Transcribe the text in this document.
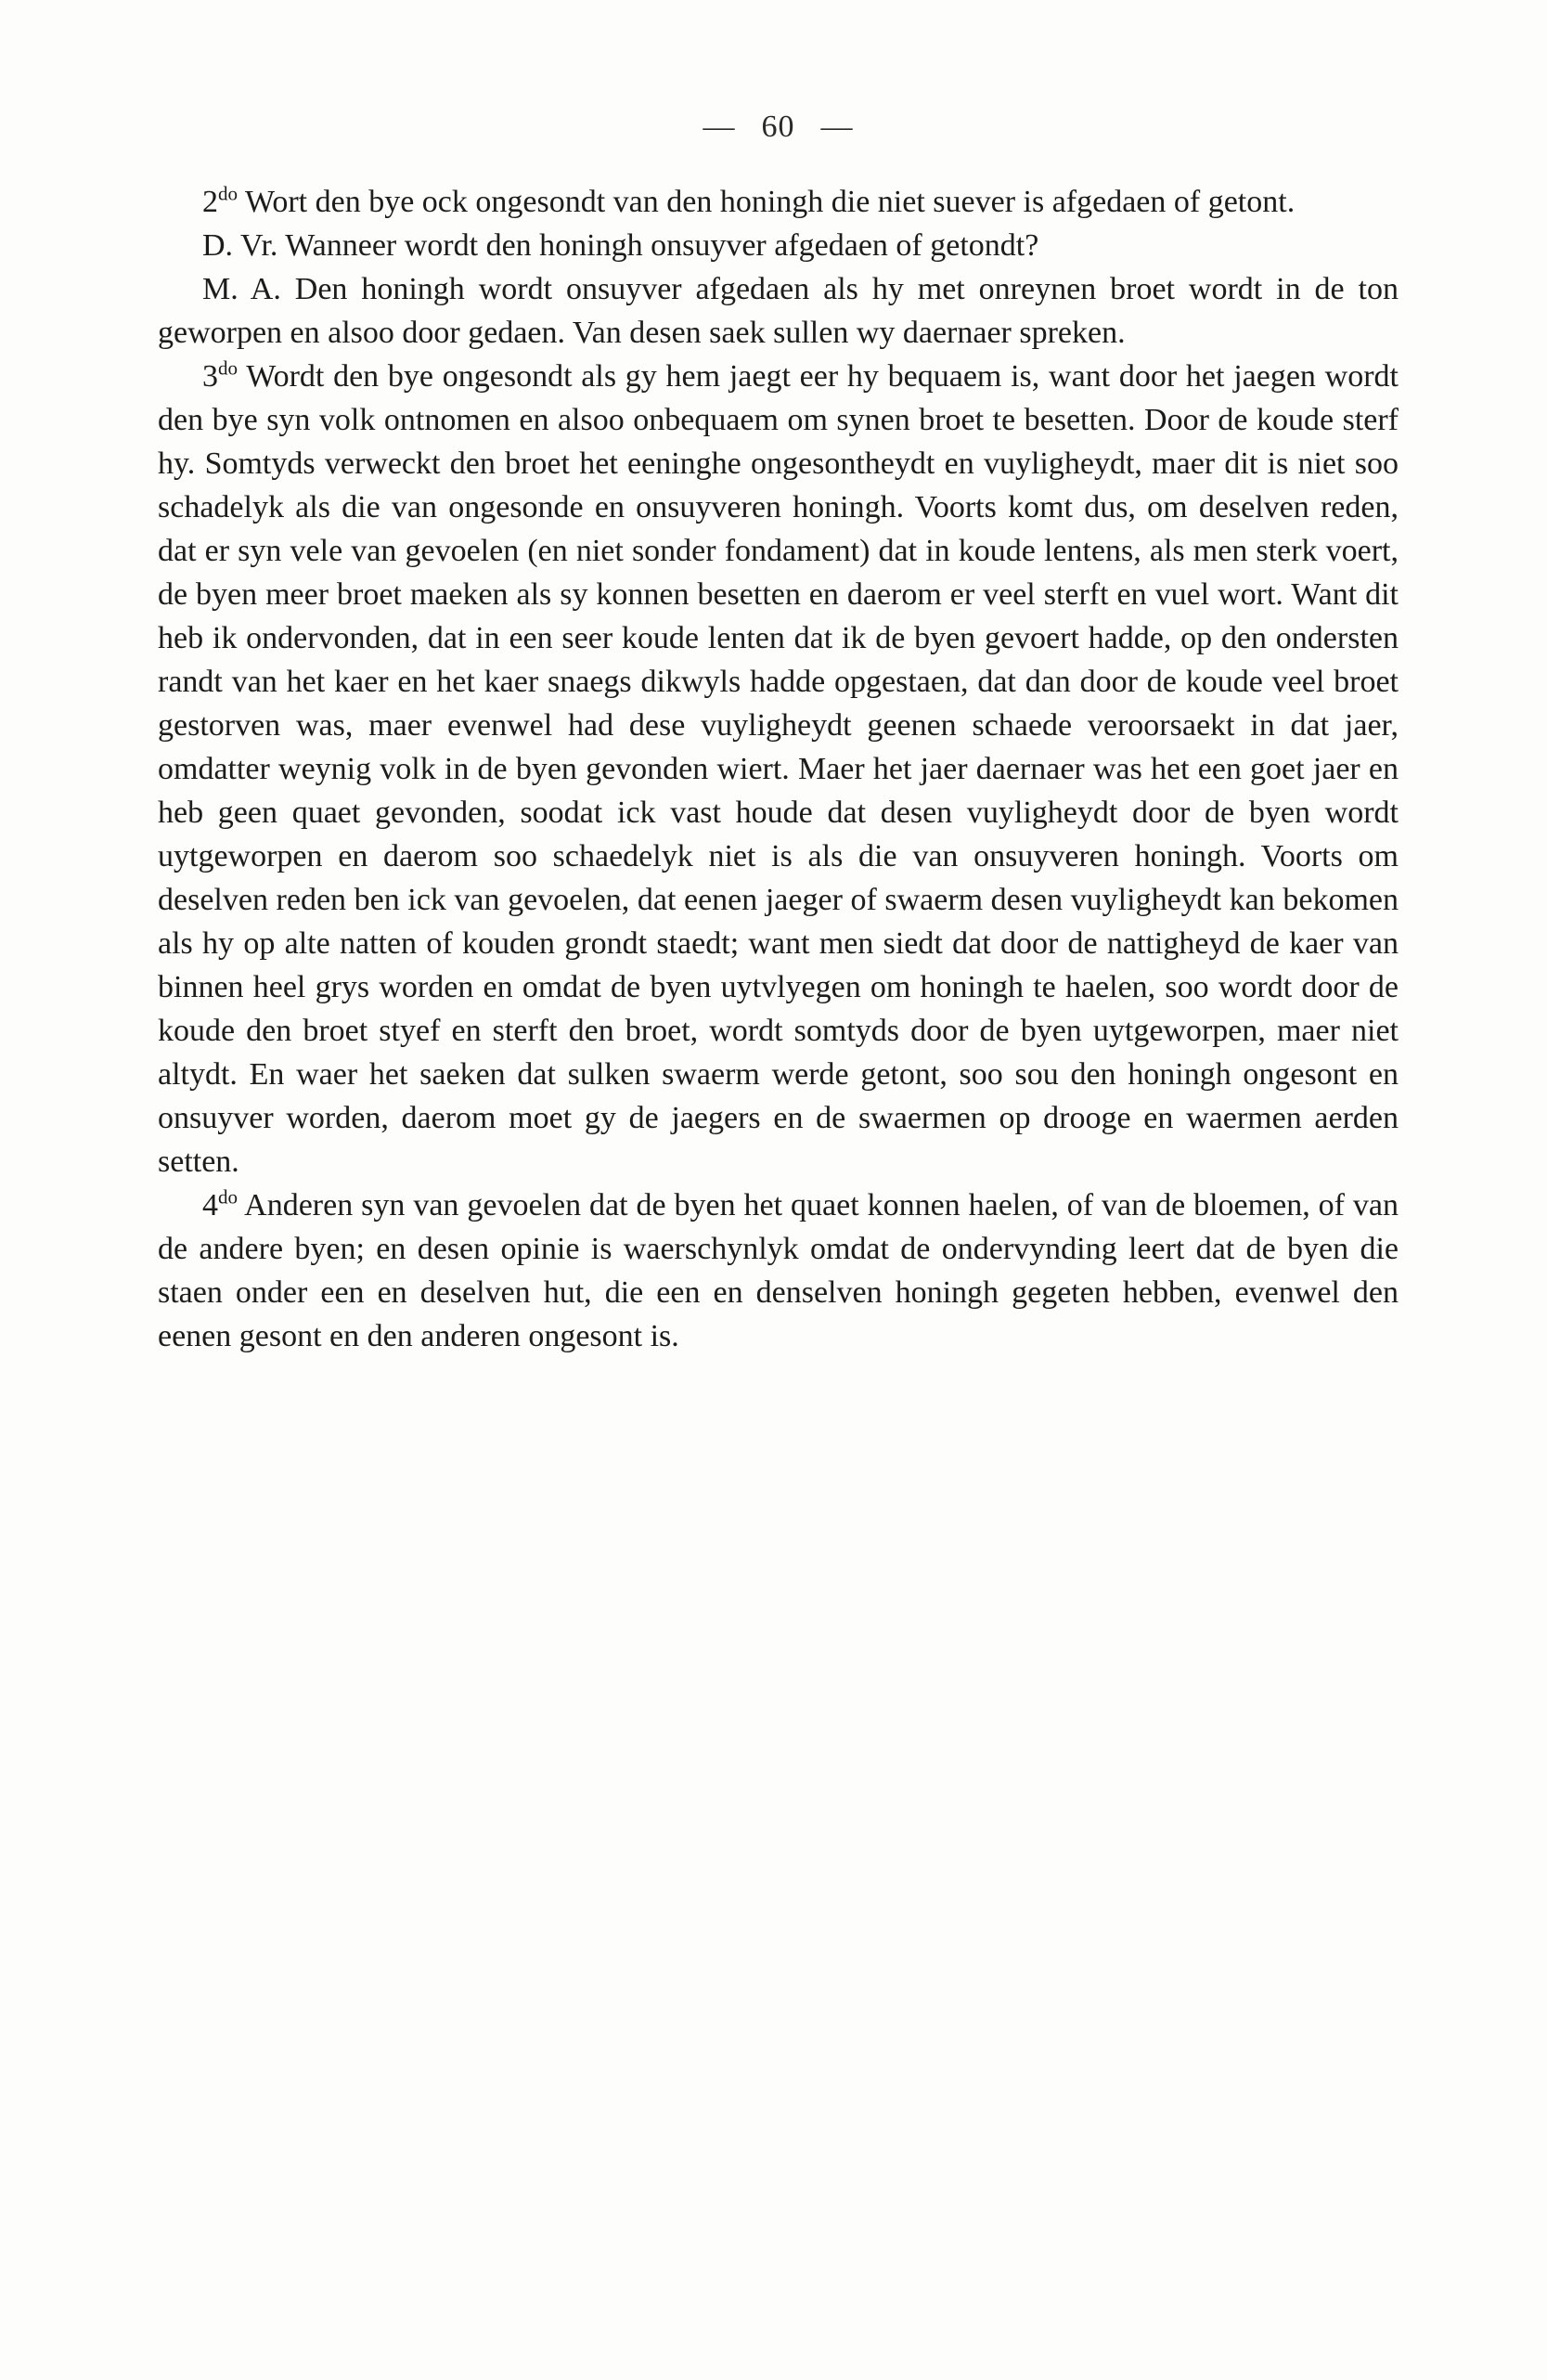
— 60 —

$2^{do}$ Wort den bye ock ongesondt van den honingh die niet suever is afgedaen of getont.

D. Vr. Wanneer wordt den honingh onsuyver afgedaen of getondt?

M. A. Den honingh wordt onsuyver afgedaen als hy met onreynen broet wordt in de ton geworpen en alsoo door gedaen. Van desen saek sullen wy daernaer spreken.

$3^{do}$ Wordt den bye ongesondt als gy hem jaegt eer hy bequaem is, want door het jaegen wordt den bye syn volk ontnomen en alsoo onbequaem om synen broet te besetten. Door de koude sterf hy. Somtyds verweckt den broet het eeninghe ongesontheydt en vuyligheydt, maer dit is niet soo schadelyk als die van ongesonde en onsuyveren honingh. Voorts komt dus, om deselven reden, dat er syn vele van gevoelen (en niet sonder fondament) dat in koude lentens, als men sterk voert, de byen meer broet maeken als sy konnen besetten en daerom er veel sterft en vuel wort. Want dit heb ik ondervonden, dat in een seer koude lenten dat ik de byen gevoert hadde, op den ondersten randt van het kaer en het kaer snaegs dikwyls hadde opgestaen, dat dan door de koude veel broet gestorven was, maer evenwel had dese vuyligheydt geenen schaede veroorsaekt in dat jaer, omdatter weynig volk in de byen gevonden wiert. Maer het jaer daernaer was het een goet jaer en heb geen quaet gevonden, soodat ick vast houde dat desen vuyligheydt door de byen wordt uytgeworpen en daerom soo schaedelyk niet is als die van onsuyveren honingh. Voorts om deselven reden ben ick van gevoelen, dat eenen jaeger of swaerm desen vuyligheydt kan bekomen als hy op alte natten of kouden grondt staedt; want men siedt dat door de nattigheyd de kaer van binnen heel grys worden en omdat de byen uytvlyegen om honingh te haelen, soo wordt door de koude den broet styef en sterft den broet, wordt somtyds door de byen uytgeworpen, maer niet altydt. En waer het saeken dat sulken swaerm werde getont, soo sou den honingh ongesont en onsuyver worden, daerom moet gy de jaegers en de swaermen op drooge en waermen aerden setten.

$4^{do}$ Anderen syn van gevoelen dat de byen het quaet konnen haelen, of van de bloemen, of van de andere byen; en desen opinie is waerschynlyk omdat de ondervynding leert dat de byen die staen onder een en deselven hut, die een en denselven honingh gegeten hebben, evenwel den eenen gesont en den anderen ongesont is.
